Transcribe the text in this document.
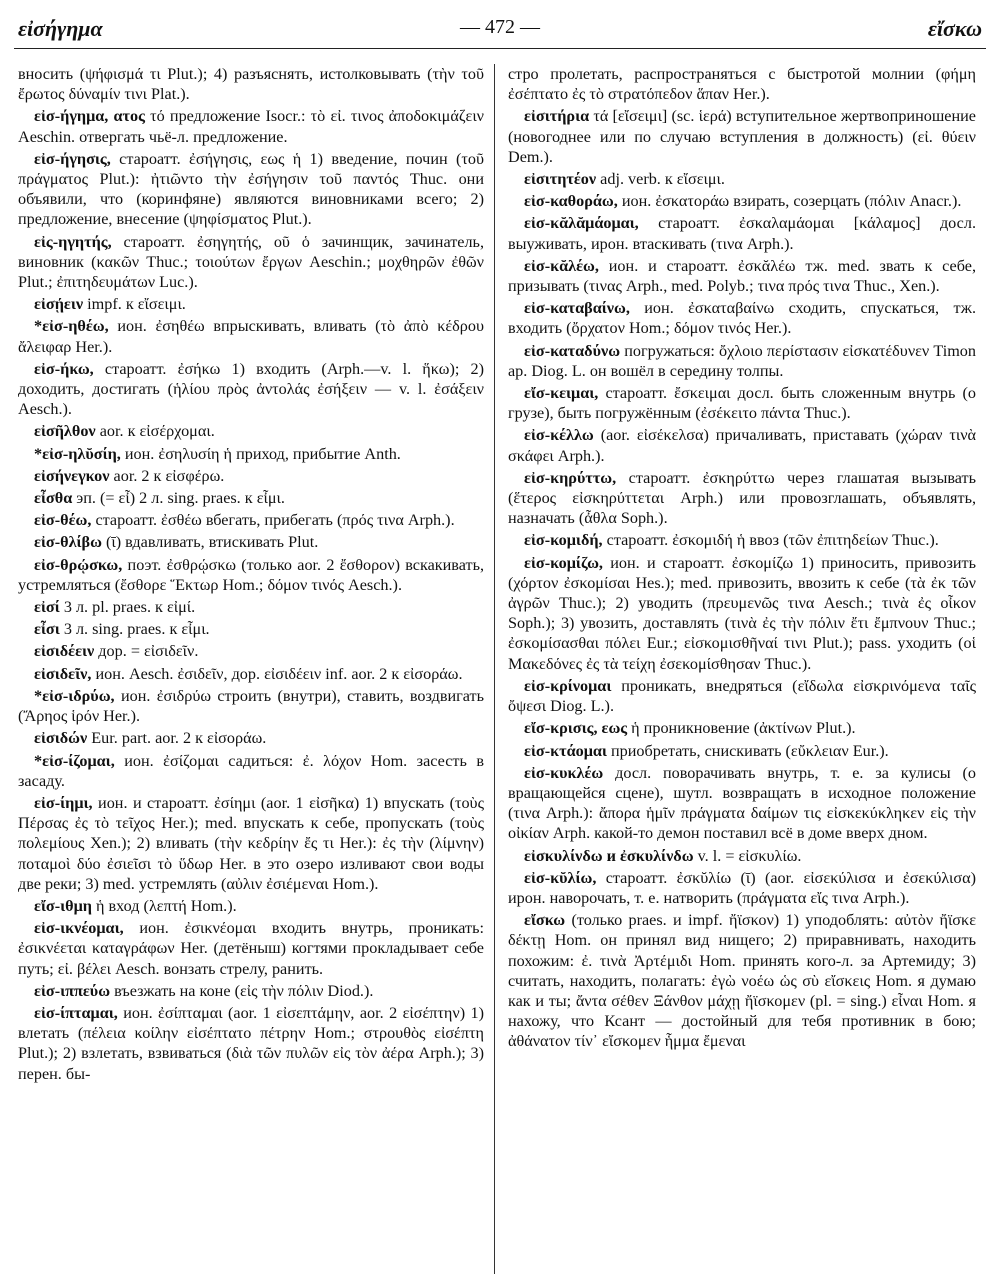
εἰσήγημα	— 472 —	εἴσκω
вносить (ψήφισμά τι Plut.); 4) разъяснять, истолковывать (τὴν τοῦ ἔρωτος δύναμίν τινι Plat.).
εἰσ-ήγημα, ατος τό предложение Isocr.: τὸ εἰ. τινος ἀποδοκιμάζειν Aeschin. отвергать чьё-л. предложение.
εἰσ-ήγησις, староатт. ἐσήγησις, εως ἡ 1) введение, почин (τοῦ πράγματος Plut.): ἠτιῶντο τὴν ἐσήγησιν τοῦ παντός Thuc. они объявили, что (коринфяне) являются виновниками всего; 2) предложение, внесение (ψηφίσματος Plut.).
εἰς-ηγητής, староатт. ἐσηγητής, οῦ ὁ зачинщик, зачинатель, виновник (κακῶν Thuc.; τοιούτων ἔργων Aeschin.; μοχθηρῶν ἐθῶν Plut.; ἐπιτηδευμάτων Luc.).
εἰσῄειν impf. к εἴσειμι.
*εἰσ-ηθέω, ион. ἐσηθέω впрыскивать, вливать (τὸ ἀπὸ κέδρου ἄλειφαρ Her.).
εἰσ-ήκω, староатт. ἐσήκω 1) входить (Arph.—v. l. ἥκω); 2) доходить, достигать (ἡλίου πρὸς ἀντολάς ἐσήξειν — v. l. ἐσάξειν Aesch.).
εἰσῆλθον aor. к εἰσέρχομαι.
*εἰσ-ηλῠσίη, ион. ἐσηλυσίη ἡ приход, прибытие Anth.
εἰσήνεγκον aor. 2 к εἰσφέρω.
εἶσθα эп. (= εἶ) 2 л. sing. praes. к εἶμι.
εἰσ-θέω, староатт. ἐσθέω вбегать, прибегать (πρός τινα Arph.).
εἰσ-θλίβω (ῑ) вдавливать, втискивать Plut.
εἰσ-θρῴσκω, поэт. ἐσθρῴσκω (только aor. 2 ἔσθορον) вскакивать, устремляться (ἔσθορε Ἕκτωρ Hom.; δόμον τινός Aesch.).
εἰσί 3 л. pl. praes. к εἰμί.
εἶσι 3 л. sing. praes. к εἶμι.
εἰσιδέειν дор. = εἰσιδεῖν.
εἰσιδεῖν, ион. Aesch. ἐσιδεῖν, дор. εἰσιδέειν inf. aor. 2 к εἰσοράω.
*εἰσ-ιδρύω, ион. ἐσιδρύω строить (внутри), ставить, воздвигать (Ἄρηος ἱρόν Her.).
εἰσιδών Eur. part. aor. 2 к εἰσοράω.
*εἰσ-ίζομαι, ион. ἐσίζομαι садиться: ἐ. λόχον Hom. засесть в засаду.
εἰσ-ίημι, ион. и староатт. ἐσίημι (aor. 1 εἰσῆκα) 1) впускать (τοὺς Πέρσας ἐς τὸ τεῖχος Her.); med. впускать к себе, пропускать (τοὺς πολεμίους Xen.); 2) вливать (τὴν κεδρίην ἔς τι Her.): ἐς τὴν (λίμνην) ποταμοὶ δύο ἐσιεῖσι τὸ ὕδωρ Her. в это озеро изливают свои воды две реки; 3) med. устремлять (αὐλιν ἐσιέμεναι Hom.).
εἴσ-ιθμη ἡ вход (λεπτή Hom.).
εἰσ-ικνέομαι, ион. ἐσικνέομαι входить внутрь, проникать: ἐσικνέεται καταγράφων Her. (детёныш) когтями прокладывает себе путь; εἰ. βέλει Aesch. вонзать стрелу, ранить.
εἰσ-ιππεύω въезжать на коне (εἰς τὴν πόλιν Diod.).
εἰσ-ίπταμαι, ион. ἐσίπταμαι (aor. 1 εἰσεπτάμην, aor. 2 εἰσέπτην) 1) влетать (πέλεια κοίλην εἰσέπτατο πέτρην Hom.; στρουθὸς εἰσέπτη Plut.); 2) взлетать, взвиваться (διὰ τῶν πυλῶν εἰς τὸν ἀέρα Arph.); 3) перен. бы-
стро пролетать, распространяться с быстротой молнии (φήμη ἐσέπτατο ἐς τὸ στρατόπεδον ἅπαν Her.).
εἰσιτήρια τά [εἴσειμι] (sc. ἱερά) вступительное жертвоприношение (новогоднее или по случаю вступления в должность) (εἰ. θύειν Dem.).
εἰσιτητέον adj. verb. к εἴσειμι.
εἰσ-καθοράω, ион. ἐσκατοράω взирать, созерцать (πόλιν Anacr.).
εἰσ-κᾰλᾰμάομαι, староатт. ἐσκαλαμάομαι [κάλαμος] досл. выуживать, ирон. втаскивать (τινα Arph.).
εἰσ-κᾰλέω, ион. и староатт. ἐσκᾰλέω тж. med. звать к себе, призывать (τινας Arph., med. Polyb.; τινα πρός τινα Thuc., Xen.).
εἰσ-καταβαίνω, ион. ἐσκαταβαίνω сходить, спускаться, тж. входить (ὄρχατον Hom.; δόμον τινός Her.).
εἰσ-καταδύνω погружаться: ὄχλοιο περίστασιν εἰσκατέδυνεν Timon ap. Diog. L. он вошёл в середину толпы.
εἴσ-κειμαι, староатт. ἔσκειμαι досл. быть сложенным внутрь (о грузе), быть погружённым (ἐσέκειτο πάντα Thuc.).
εἰσ-κέλλω (aor. εἰσέκελσα) причаливать, приставать (χώραν τινὰ σκάφει Arph.).
εἰσ-κηρύττω, староатт. ἐσκηρύττω через глашатая вызывать (ἕτερος εἰσκηρύττεται Arph.) или провозглашать, объявлять, назначать (ἆθλα Soph.).
εἰσ-κομιδή, староатт. ἐσκομιδή ἡ ввоз (τῶν ἐπιτηδείων Thuc.).
εἰσ-κομίζω, ион. и староатт. ἐσκομίζω 1) приносить, привозить (χόρτον ἐσκομίσαι Hes.); med. привозить, ввозить к себе (τὰ ἐκ τῶν ἀγρῶν Thuc.); 2) уводить (πρευμενῶς τινα Aesch.; τινὰ ἐς οἶκον Soph.); 3) увозить, доставлять (τινὰ ἐς τὴν πόλιν ἔτι ἔμπνουν Thuc.; ἐσκομίσασθαι πόλει Eur.; εἰσκομισθῆναί τινι Plut.); pass. уходить (οἱ Μακεδόνες ἐς τὰ τείχη ἐσεκομίσθησαν Thuc.).
εἰσ-κρίνομαι проникать, внедряться (εἴδωλα εἰσκρινόμενα ταῖς ὄψεσι Diog. L.).
εἴσ-κρισις, εως ἡ проникновение (ἀκτίνων Plut.).
εἰσ-κτάομαι приобретать, снискивать (εὔκλειαν Eur.).
εἰσ-κυκλέω досл. поворачивать внутрь, т. е. за кулисы (о вращающейся сцене), шутл. возвращать в исходное положение (τινα Arph.): ἄπορα ἡμῖν πράγματα δαίμων τις εἰσκεκύκληκεν εἰς τὴν οἰκίαν Arph. какой-то демон поставил всё в доме вверх дном.
εἰσκυλίνδω и ἐσκυλίνδω v. l. = εἰσκυλίω.
εἰσ-κῠλίω, староатт. ἐσκῠλίω (ῑ) (aor. εἰσεκύλισα и ἐσεκύλισα) ирон. наворочать, т. е. натворить (πράγματα εἴς τινα Arph.).
εἴσκω (только praes. и impf. ἤϊσκον) 1) уподоблять: αὐτὸν ἤϊσκε δέκτῃ Hom. он принял вид нищего; 2) приравнивать, находить похожим: ἐ. τινὰ Ἀρτέμιδι Hom. принять кого-л. за Артемиду; 3) считать, находить, полагать: ἐγὼ νοέω ὡς σὺ εἴσκεις Hom. я думаю как и ты; ἄντα σέθεν Ξάνθον μάχῃ ἤϊσκομεν (pl. = sing.) εἶναι Hom. я нахожу, что Ксант — достойный для тебя противник в бою; ἀθάνατον τίν᾽ εἴσκομεν ἧμμα ἔμεναι
